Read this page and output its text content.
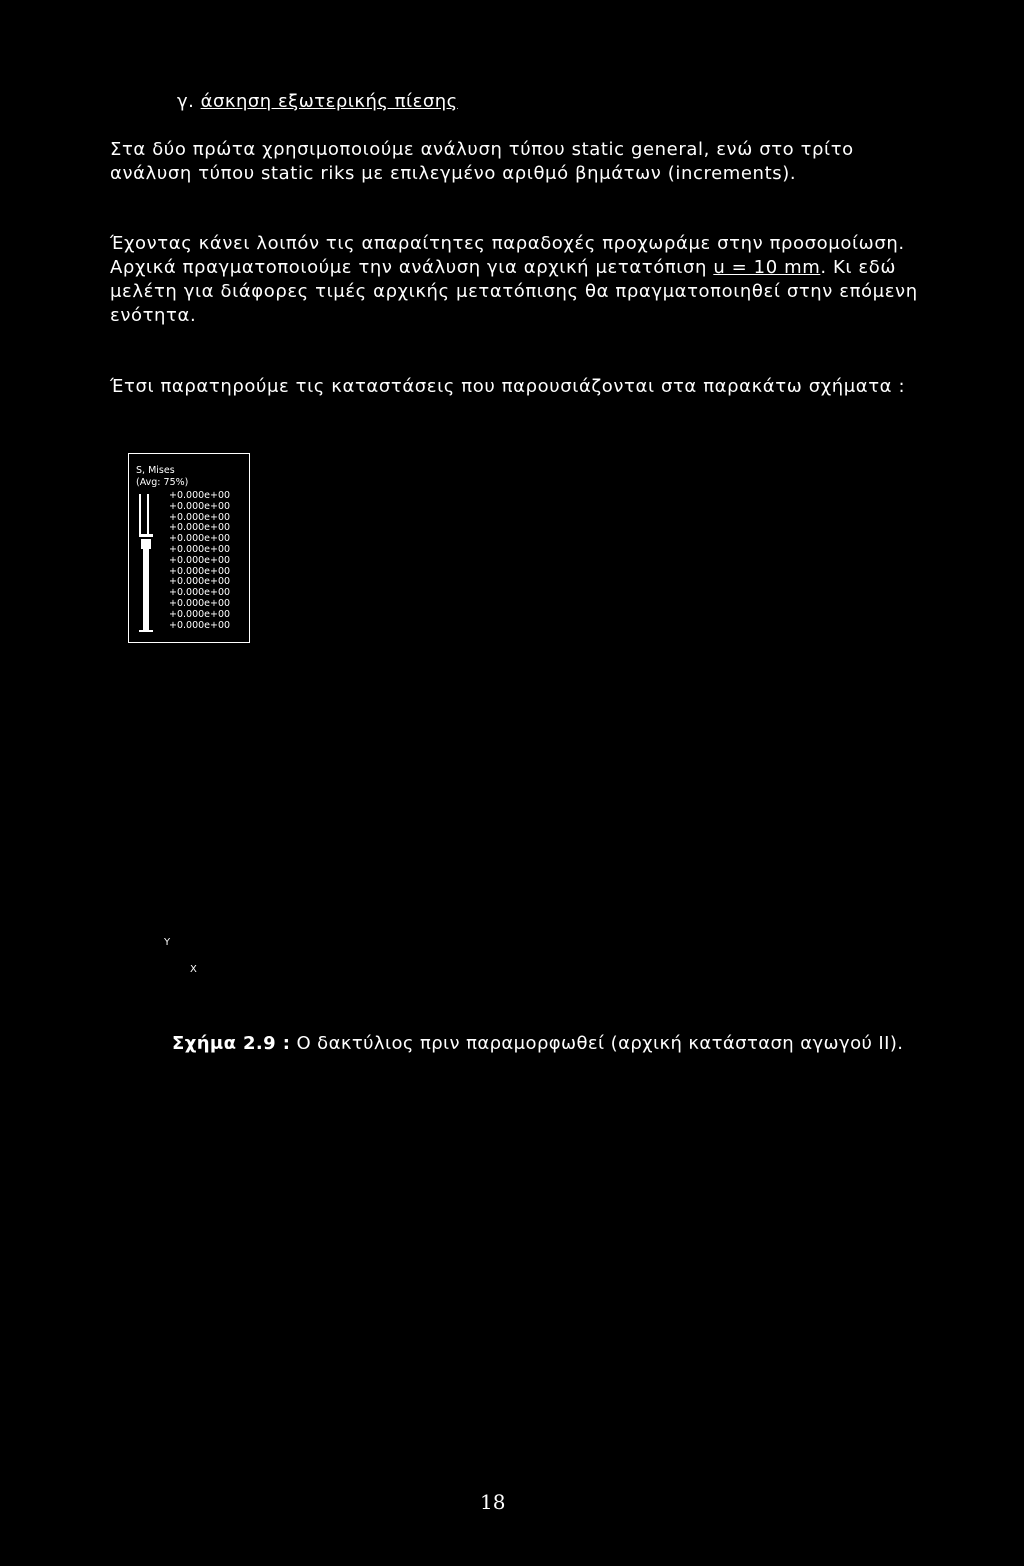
γ. άσκηση εξωτερικής πίεσης

Στα δύο πρώτα χρησιμοποιούμε ανάλυση τύπου static general, ενώ στο τρίτο ανάλυση τύπου static riks με επιλεγμένο αριθμό βημάτων (increments).

Έχοντας κάνει λοιπόν τις απαραίτητες παραδοχές προχωράμε στην προσομοίωση. Αρχικά πραγματοποιούμε την ανάλυση για αρχική μετατόπιση u = 10 mm. Κι εδώ μελέτη για διάφορες τιμές αρχικής μετατόπισης θα πραγματοποιηθεί στην επόμενη ενότητα.

Έτσι παρατηρούμε τις καταστάσεις που παρουσιάζονται στα παρακάτω σχήματα :

S, Mises
(Avg: 75%)
+0.000e+00
+0.000e+00
+0.000e+00
+0.000e+00
+0.000e+00
+0.000e+00
+0.000e+00
+0.000e+00
+0.000e+00
+0.000e+00
+0.000e+00
+0.000e+00
+0.000e+00
Y
X
Σχήμα 2.9 : Ο δακτύλιος πριν παραμορφωθεί (αρχική κατάσταση αγωγού II).
18
